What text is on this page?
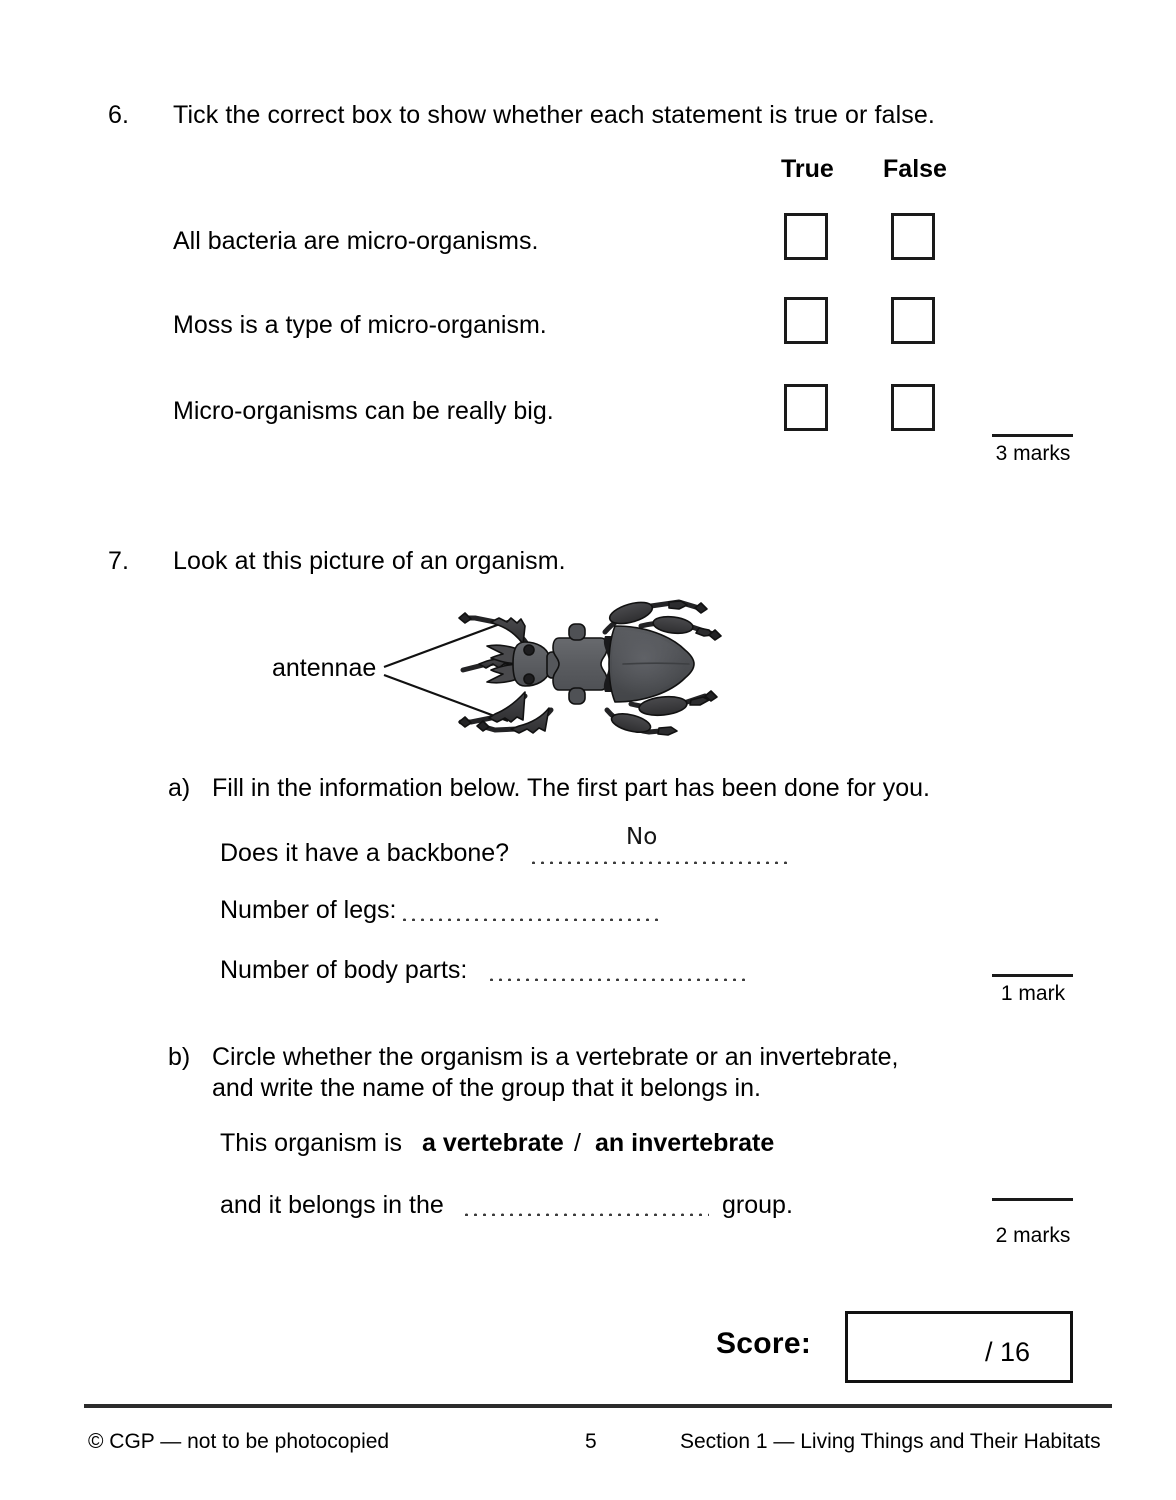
6. Tick the correct box to show whether each statement is true or false.
True False
All bacteria are micro-organisms.
Moss is a type of micro-organism.
Micro-organisms can be really big.
3 marks
7. Look at this picture of an organism.
antennae
a) Fill in the information below. The first part has been done for you.
Does it have a backbone?
No
Number of legs:
Number of body parts:
1 mark
b) Circle whether the organism is a vertebrate or an invertebrate,
and write the name of the group that it belongs in.
This organism is a vertebrate / an invertebrate
and it belongs in the	group.
2 marks
Score:	/ 16
© CGP — not to be photocopied	5	Section 1 — Living Things and Their Habitats
